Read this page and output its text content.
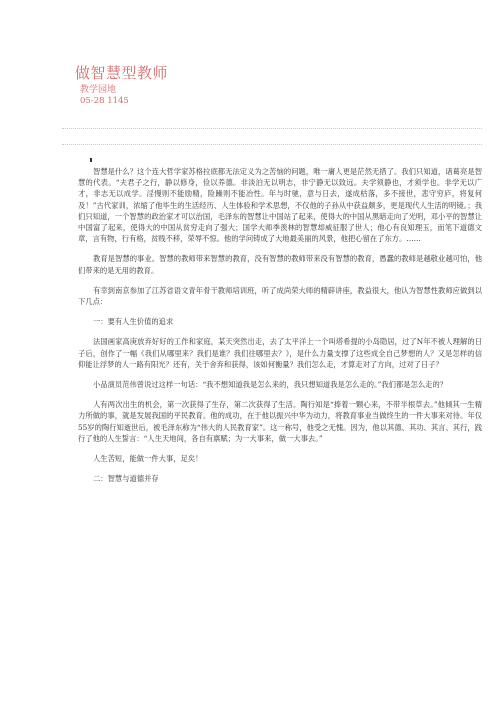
做智慧型教师
教学园地
05-28 1145

智慧是什么？这个连大哲学家苏格拉底都无法定义为之苦恼的问题，唯一庸人更是茫然无措了。我们只知道，诸葛亮是智慧的代表。“夫君子之行，静以修身，俭以养德。非淡泊无以明志，非宁静无以致远。夫学须静也，才须学也。非学无以广才，非志无以成学。淫慢则不能励精，险躁则不能冶性。年与时驰，意与日去，遂成枯落，多不接世，悲守穷庐，将复何及！”古代家训，浓缩了他毕生的生活经历、人生体验和学术思想，不仅他的子孙从中获益颇多，更是现代人生活的明镜。；我们只知道，一个智慧的政治家才可以治国，毛泽东的智慧让中国站了起来，使得大的中国从黑暗走向了光明，邓小平的智慧让中国富了起来，使得大的中国从贫穷走向了强大；国学大师季羡林的智慧却威征服了世人；他心有良知理玉，而笔下道德文章，言有物，行有格，贫贱不移，荣辱不惊。他的学问铸成了大地最美丽的风景，他把心留在了东方。……

教育是智慧的事业。智慧的教师带来智慧的教育，没有智慧的教师带来没有智慧的教育，愚蠢的教师是越敬业越可怕，他们带来的是无用的教育。

有幸到南京参加了江苏省语文青年骨干教师培训班，听了成尚荣大师的精辟讲座，教益很大，他认为智慧性教师应做到以下几点：

一：要有人生价值的追求

法国画家高庚放弃好好的工作和家庭，某天突然出走，去了太平洋上一个叫塔希提的小岛隐居，过了N年不被人理解的日子后，创作了一幅《我们从哪里来？我们是谁？我们往哪里去？》，是什么力量支撑了这些成全自己梦想的人？又是怎样的信仰能让浮梦的人一路有阳光？还有，关于舍弃和获得，该如何衡量？我们怎么走，才算走对了方向，过对了日子？

小品演员范伟曾说过这样一句话：“我不想知道我是怎么来的，我只想知道我是怎么走的。”我们都是怎么走的？

人有两次出生的机会，第一次获得了生存，第二次获得了生活。陶行知是“捧着一颗心来，不带半根草去。”他倾其一生精力所做的事，就是发展我国的平民教育。他的成功，在于他以振兴中华为动力，将教育事业当做终生的一件大事来对待。年仅55岁的陶行知逝世后，被毛泽东称为“伟大的人民教育家”。这一称号，他受之无愧。因为，他以其德、其功、其言、其行，践行了他的人生誓言：“人生天地间，各自有禀赋；为一大事来，做一大事去。”

人生苦短，能做一件大事，足矣！

二：智慧与道德并存
